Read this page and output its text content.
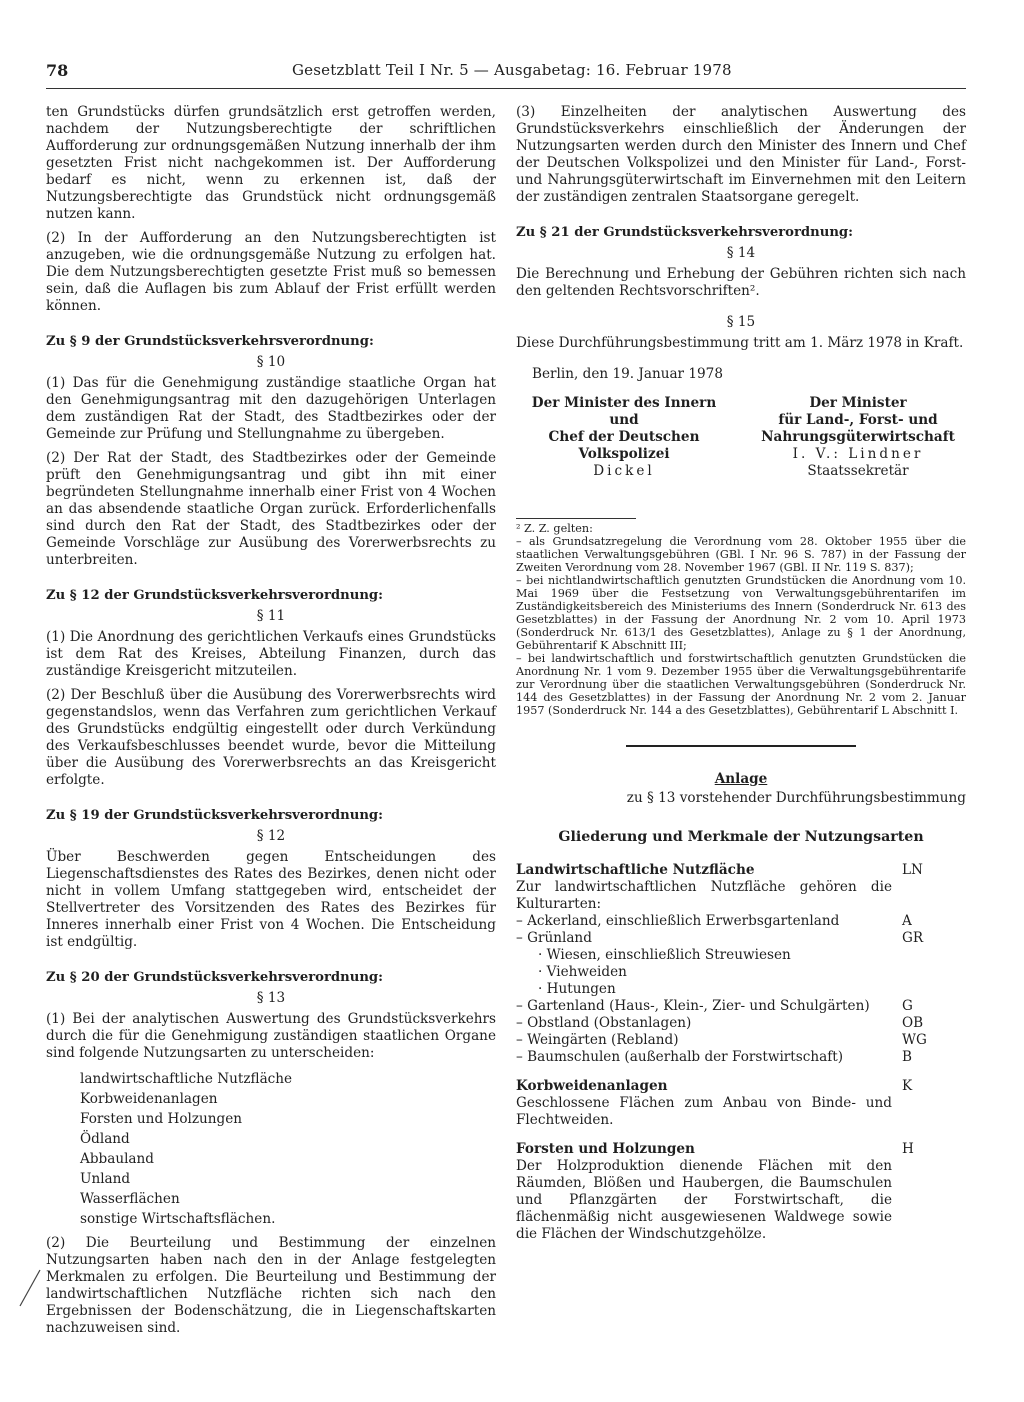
78	Gesetzblatt Teil I Nr. 5 — Ausgabetag: 16. Februar 1978

ten Grundstücks dürfen grundsätzlich erst getroffen werden, nachdem der Nutzungsberechtigte der schriftlichen Aufforderung zur ordnungsgemäßen Nutzung innerhalb der ihm gesetzten Frist nicht nachgekommen ist. Der Aufforderung bedarf es nicht, wenn zu erkennen ist, daß der Nutzungsberechtigte das Grundstück nicht ordnungsgemäß nutzen kann.

(2) In der Aufforderung an den Nutzungsberechtigten ist anzugeben, wie die ordnungsgemäße Nutzung zu erfolgen hat. Die dem Nutzungsberechtigten gesetzte Frist muß so bemessen sein, daß die Auflagen bis zum Ablauf der Frist erfüllt werden können.

Zu § 9 der Grundstücksverkehrsverordnung:
§ 10

(1) Das für die Genehmigung zuständige staatliche Organ hat den Genehmigungsantrag mit den dazugehörigen Unterlagen dem zuständigen Rat der Stadt, des Stadtbezirkes oder der Gemeinde zur Prüfung und Stellungnahme zu übergeben.

(2) Der Rat der Stadt, des Stadtbezirkes oder der Gemeinde prüft den Genehmigungsantrag und gibt ihn mit einer begründeten Stellungnahme innerhalb einer Frist von 4 Wochen an das absendende staatliche Organ zurück. Erforderlichenfalls sind durch den Rat der Stadt, des Stadtbezirkes oder der Gemeinde Vorschläge zur Ausübung des Vorerwerbsrechts zu unterbreiten.

Zu § 12 der Grundstücksverkehrsverordnung:
§ 11

(1) Die Anordnung des gerichtlichen Verkaufs eines Grundstücks ist dem Rat des Kreises, Abteilung Finanzen, durch das zuständige Kreisgericht mitzuteilen.

(2) Der Beschluß über die Ausübung des Vorerwerbsrechts wird gegenstandslos, wenn das Verfahren zum gerichtlichen Verkauf des Grundstücks endgültig eingestellt oder durch Verkündung des Verkaufsbeschlusses beendet wurde, bevor die Mitteilung über die Ausübung des Vorerwerbsrechts an das Kreisgericht erfolgte.

Zu § 19 der Grundstücksverkehrsverordnung:
§ 12

Über Beschwerden gegen Entscheidungen des Liegenschaftsdienstes des Rates des Bezirkes, denen nicht oder nicht in vollem Umfang stattgegeben wird, entscheidet der Stellvertreter des Vorsitzenden des Rates des Bezirkes für Inneres innerhalb einer Frist von 4 Wochen. Die Entscheidung ist endgültig.

Zu § 20 der Grundstücksverkehrsverordnung:
§ 13

(1) Bei der analytischen Auswertung des Grundstücksverkehrs durch die für die Genehmigung zuständigen staatlichen Organe sind folgende Nutzungsarten zu unterscheiden:

landwirtschaftliche Nutzfläche
Korbweidenanlagen
Forsten und Holzungen
Ödland
Abbauland
Unland
Wasserflächen
sonstige Wirtschaftsflächen.

(2) Die Beurteilung und Bestimmung der einzelnen Nutzungsarten haben nach den in der Anlage festgelegten Merkmalen zu erfolgen. Die Beurteilung und Bestimmung der landwirtschaftlichen Nutzfläche richten sich nach den Ergebnissen der Bodenschätzung, die in Liegenschaftskarten nachzuweisen sind.

(3) Einzelheiten der analytischen Auswertung des Grundstücksverkehrs einschließlich der Änderungen der Nutzungsarten werden durch den Minister des Innern und Chef der Deutschen Volkspolizei und den Minister für Land-, Forst- und Nahrungsgüterwirtschaft im Einvernehmen mit den Leitern der zuständigen zentralen Staatsorgane geregelt.

Zu § 21 der Grundstücksverkehrsverordnung:
§ 14

Die Berechnung und Erhebung der Gebühren richten sich nach den geltenden Rechtsvorschriften².

§ 15

Diese Durchführungsbestimmung tritt am 1. März 1978 in Kraft.

Berlin, den 19. Januar 1978

Der Minister des Innern
und
Chef der Deutschen Volkspolizei
Dickel
Der Minister
für Land-, Forst- und
Nahrungsgüterwirtschaft
I. V.: Lindner
Staatssekretär

² Z. Z. gelten:

– als Grundsatzregelung die Verordnung vom 28. Oktober 1955 über die staatlichen Verwaltungsgebühren (GBl. I Nr. 96 S. 787) in der Fassung der Zweiten Verordnung vom 28. November 1967 (GBl. II Nr. 119 S. 837);

– bei nichtlandwirtschaftlich genutzten Grundstücken die Anordnung vom 10. Mai 1969 über die Festsetzung von Verwaltungsgebührentarifen im Zuständigkeitsbereich des Ministeriums des Innern (Sonderdruck Nr. 613 des Gesetzblattes) in der Fassung der Anordnung Nr. 2 vom 10. April 1973 (Sonderdruck Nr. 613/1 des Gesetzblattes), Anlage zu § 1 der Anordnung, Gebührentarif K Abschnitt III;

– bei landwirtschaftlich und forstwirtschaftlich genutzten Grundstücken die Anordnung Nr. 1 vom 9. Dezember 1955 über die Verwaltungsgebührentarife zur Verordnung über die staatlichen Verwaltungsgebühren (Sonderdruck Nr. 144 des Gesetzblattes) in der Fassung der Anordnung Nr. 2 vom 2. Januar 1957 (Sonderdruck Nr. 144 a des Gesetzblattes), Gebührentarif L Abschnitt I.

Anlage
zu § 13 vorstehender Durchführungsbestimmung
Gliederung und Merkmale der Nutzungsarten
Landwirtschaftliche Nutzfläche	LN
Zur landwirtschaftlichen Nutzfläche gehören die Kulturarten:
– Ackerland, einschließlich Erwerbsgartenland	A
– Grünland	GR
· Wiesen, einschließlich Streuwiesen
· Viehweiden
· Hutungen
– Gartenland (Haus-, Klein-, Zier- und Schulgärten)	G
– Obstland (Obstanlagen)	OB
– Weingärten (Rebland)	WG
– Baumschulen (außerhalb der Forstwirtschaft)	B
Korbweidenanlagen	K
Geschlossene Flächen zum Anbau von Binde- und Flechtweiden.
Forsten und Holzungen	H
Der Holzproduktion dienende Flächen mit den Räumden, Blößen und Haubergen, die Baumschulen und Pflanzgärten der Forstwirtschaft, die flächenmäßig nicht ausgewiesenen Waldwege sowie die Flächen der Windschutzgehölze.
